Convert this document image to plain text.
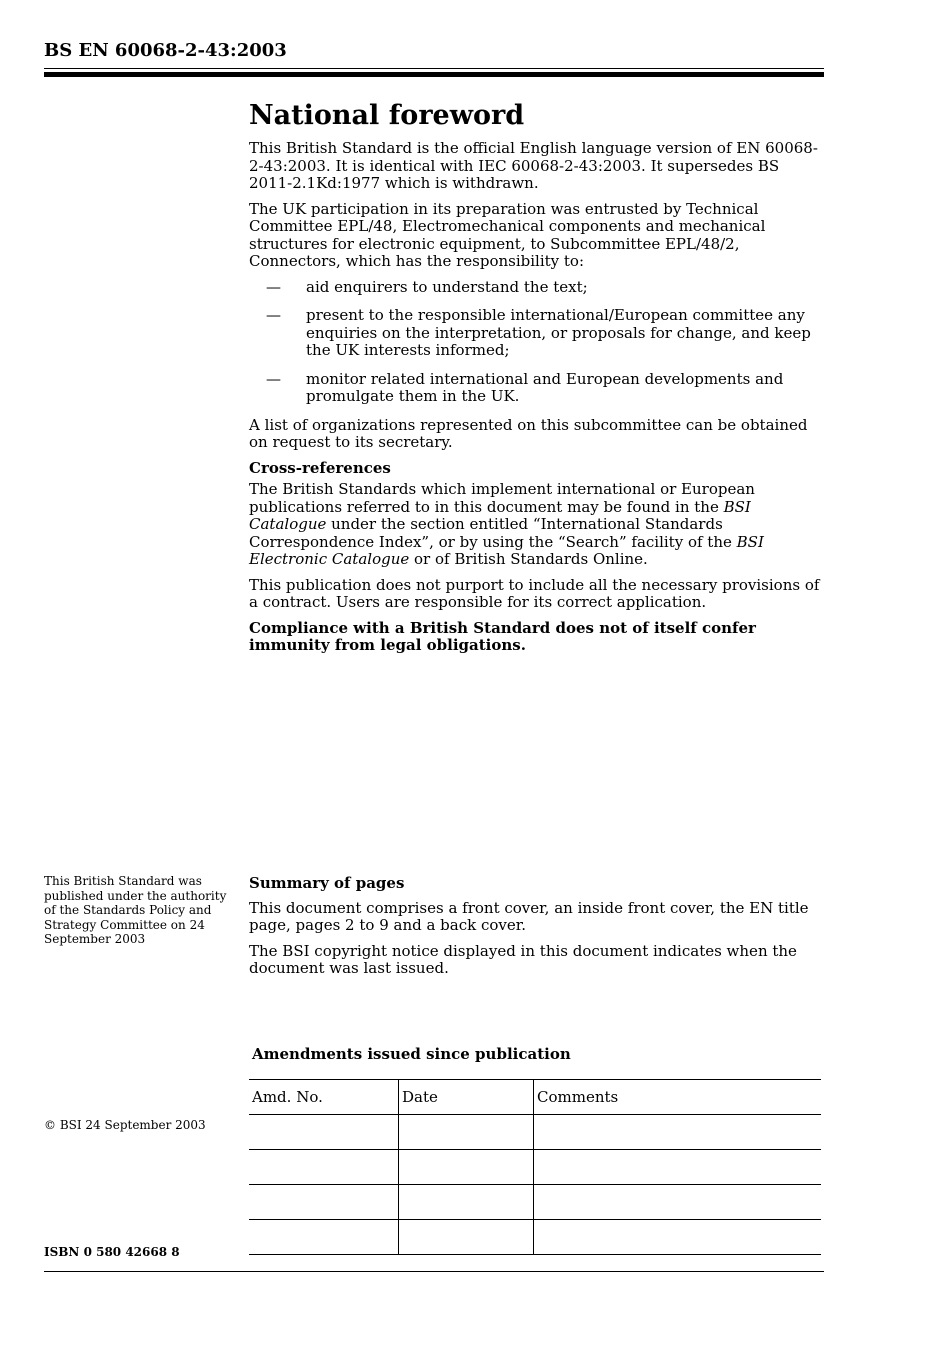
BS EN 60068-2-43:2003
National foreword

This British Standard is the official English language version of EN 60068-2-43:2003. It is identical with IEC 60068-2-43:2003. It supersedes BS 2011-2.1Kd:1977 which is withdrawn.

The UK participation in its preparation was entrusted by Technical Committee EPL/48, Electromechanical components and mechanical structures for electronic equipment, to Subcommittee EPL/48/2, Connectors, which has the responsibility to:

—	aid enquirers to understand the text;
—	present to the responsible international/European committee any enquiries on the interpretation, or proposals for change, and keep the UK interests informed;
—	monitor related international and European developments and promulgate them in the UK.

A list of organizations represented on this subcommittee can be obtained on request to its secretary.

Cross-references

The British Standards which implement international or European publications referred to in this document may be found in the BSI Catalogue under the section entitled “International Standards Correspondence Index”, or by using the “Search” facility of the BSI Electronic Catalogue or of British Standards Online.

This publication does not purport to include all the necessary provisions of a contract. Users are responsible for its correct application.

Compliance with a British Standard does not of itself confer immunity from legal obligations.

This British Standard was published under the authority of the Standards Policy and Strategy Committee on 24 September 2003

Summary of pages

This document comprises a front cover, an inside front cover, the EN title page, pages 2 to 9 and a back cover.

The BSI copyright notice displayed in this document indicates when the document was last issued.

Amendments issued since publication
Amd. No.	Date	Comments

© BSI 24 September 2003
ISBN 0 580 42668 8
